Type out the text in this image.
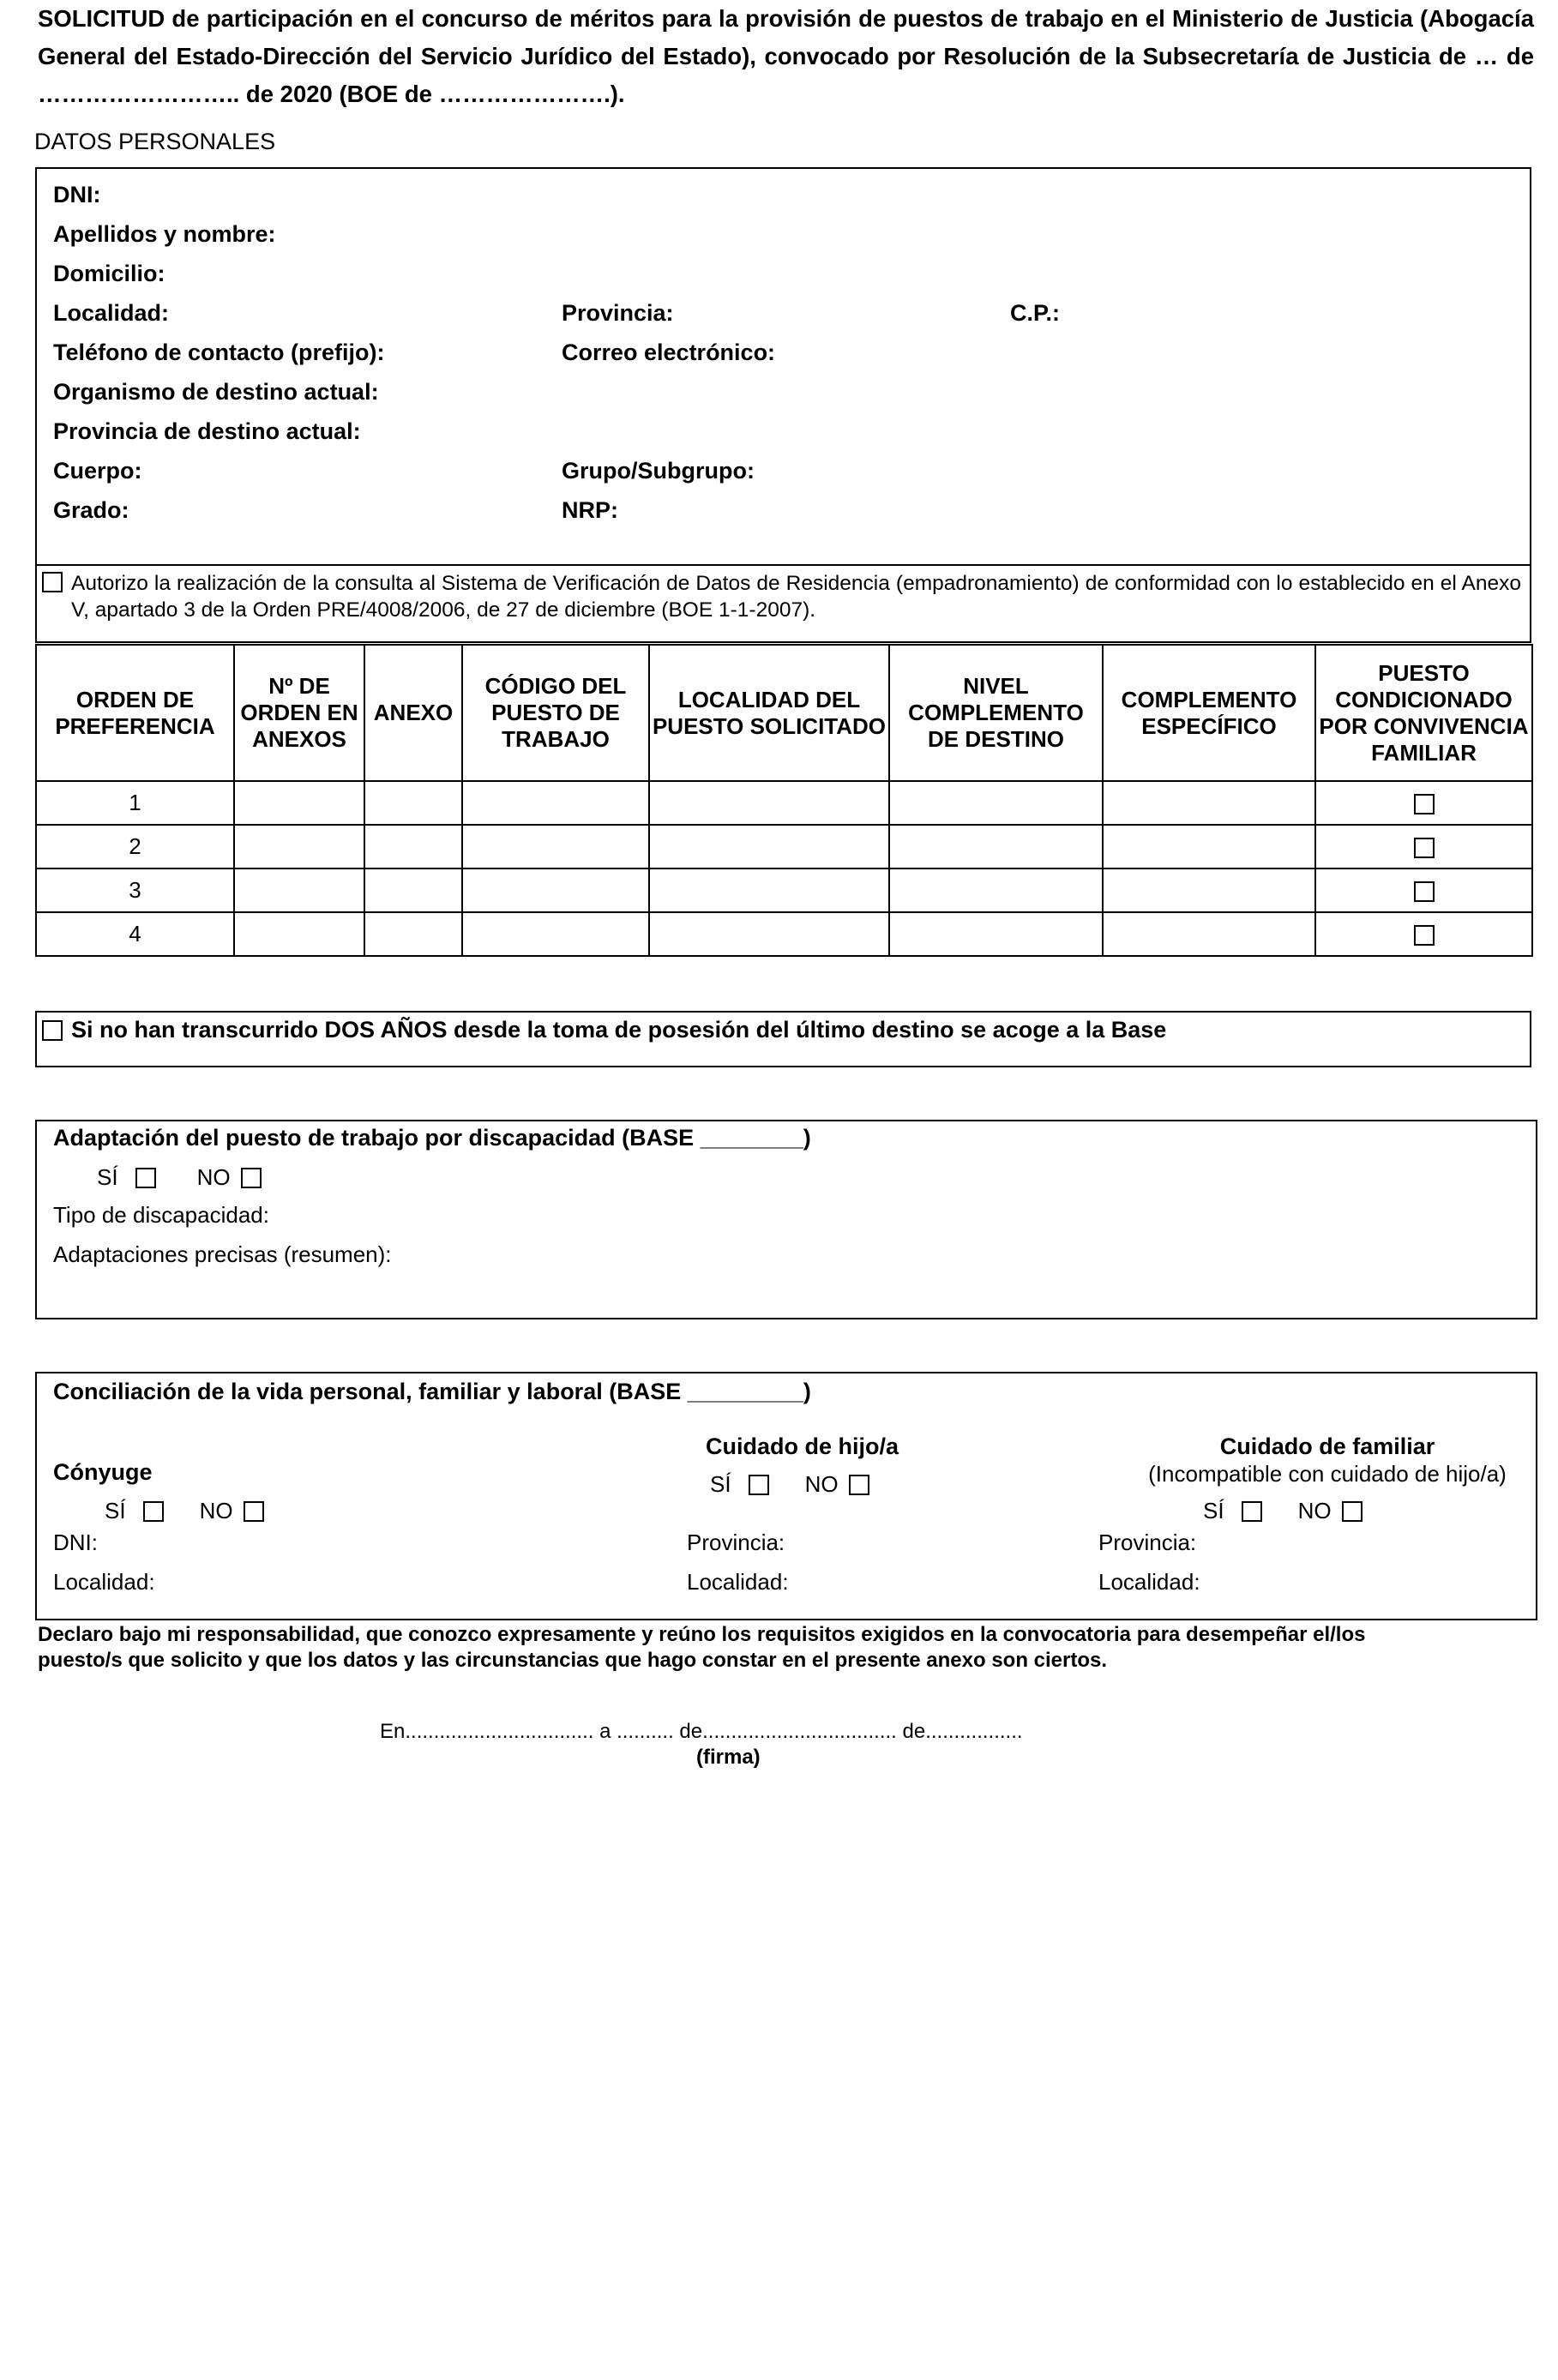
SOLICITUD de participación en el concurso de méritos para la provisión de puestos de trabajo en el Ministerio de Justicia (Abogacía General del Estado-Dirección del Servicio Jurídico del Estado), convocado por Resolución de la Subsecretaría de Justicia de … de …………………….. de 2020 (BOE de ………………….).
DATOS PERSONALES
DNI:
Apellidos y nombre:
Domicilio:
Localidad:	Provincia:	C.P.:
Teléfono de contacto (prefijo):	Correo electrónico:
Organismo de destino actual:
Provincia de destino actual:
Cuerpo:	Grupo/Subgrupo:
Grado:	NRP:
Autorizo la realización de la consulta al Sistema de Verificación de Datos de Residencia (empadronamiento) de conformidad con lo establecido en el Anexo V, apartado 3 de la Orden PRE/4008/2006, de 27 de diciembre (BOE 1-1-2007).
ORDEN DE PREFERENCIA	Nº DE ORDEN EN ANEXOS	ANEXO	CÓDIGO DEL PUESTO DE TRABAJO	LOCALIDAD DEL PUESTO SOLICITADO	NIVEL COMPLEMENTO DE DESTINO	COMPLEMENTO ESPECÍFICO	PUESTO CONDICIONADO POR CONVIVENCIA FAMILIAR
1							
2							
3							
4							
Si no han transcurrido DOS AÑOS desde la toma de posesión del último destino se acoge a la Base
Adaptación del puesto de trabajo por discapacidad (BASE ________)
SÍ	NO
Tipo de discapacidad:
Adaptaciones precisas (resumen):
Conciliación de la vida personal, familiar y laboral (BASE _________)
Cónyuge
SÍ	NO
DNI:
Localidad:
Cuidado de hijo/a
SÍ	NO
Provincia:
Localidad:
Cuidado de familiar
(Incompatible con cuidado de hijo/a)
SÍ	NO
Provincia:
Localidad:
Declaro bajo mi responsabilidad, que conozco expresamente y reúno los requisitos exigidos en la convocatoria para desempeñar el/los puesto/s que solicito y que los datos y las circunstancias que hago constar en el presente anexo son ciertos.
En................................. a .......... de.................................. de.................
(firma)
